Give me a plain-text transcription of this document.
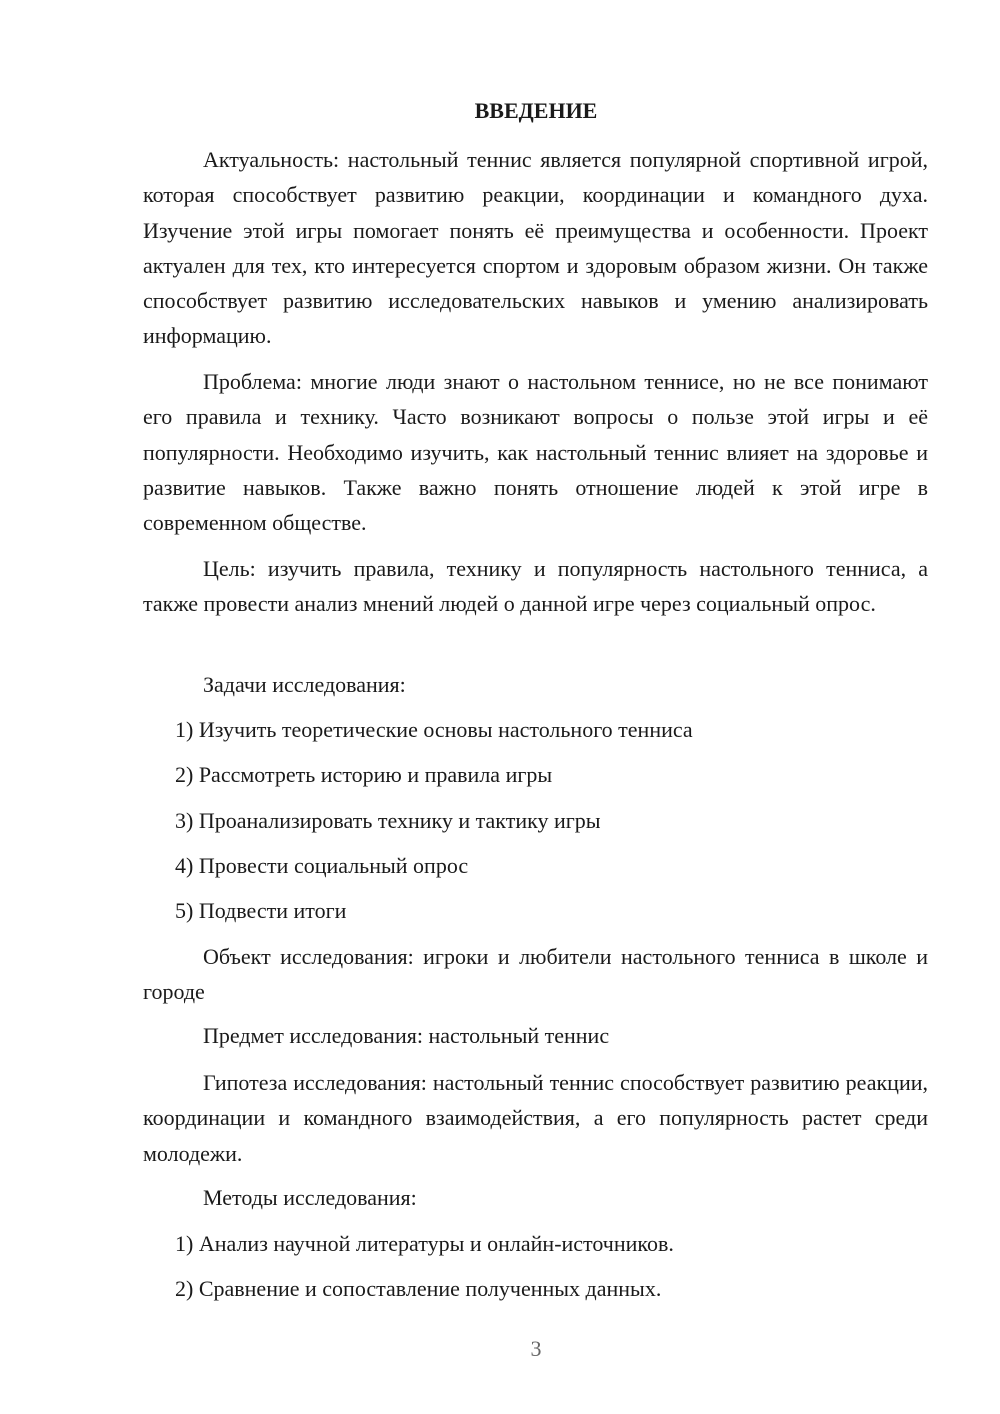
ВВЕДЕНИЕ

Актуальность: настольный теннис является популярной спортивной игрой, которая способствует развитию реакции, координации и командного духа. Изучение этой игры помогает понять её преимущества и особенности. Проект актуален для тех, кто интересуется спортом и здоровым образом жизни. Он также способствует развитию исследовательских навыков и умению анализировать информацию.

Проблема: многие люди знают о настольном теннисе, но не все понимают его правила и технику. Часто возникают вопросы о пользе этой игры и её популярности. Необходимо изучить, как настольный теннис влияет на здоровье и развитие навыков. Также важно понять отношение людей к этой игре в современном обществе.

Цель: изучить правила, технику и популярность настольного тенниса, а также провести анализ мнений людей о данной игре через социальный опрос.

Задачи исследования:

1) Изучить теоретические основы настольного тенниса

2) Рассмотреть историю и правила игры

3) Проанализировать технику и тактику игры

4) Провести социальный опрос

5) Подвести итоги

Объект исследования: игроки и любители настольного тенниса в школе и городе

Предмет исследования: настольный теннис

Гипотеза исследования: настольный теннис способствует развитию реакции, координации и командного взаимодействия, а его популярность растет среди молодежи.

Методы исследования:

1) Анализ научной литературы и онлайн-источников.

2) Сравнение и сопоставление полученных данных.

3
